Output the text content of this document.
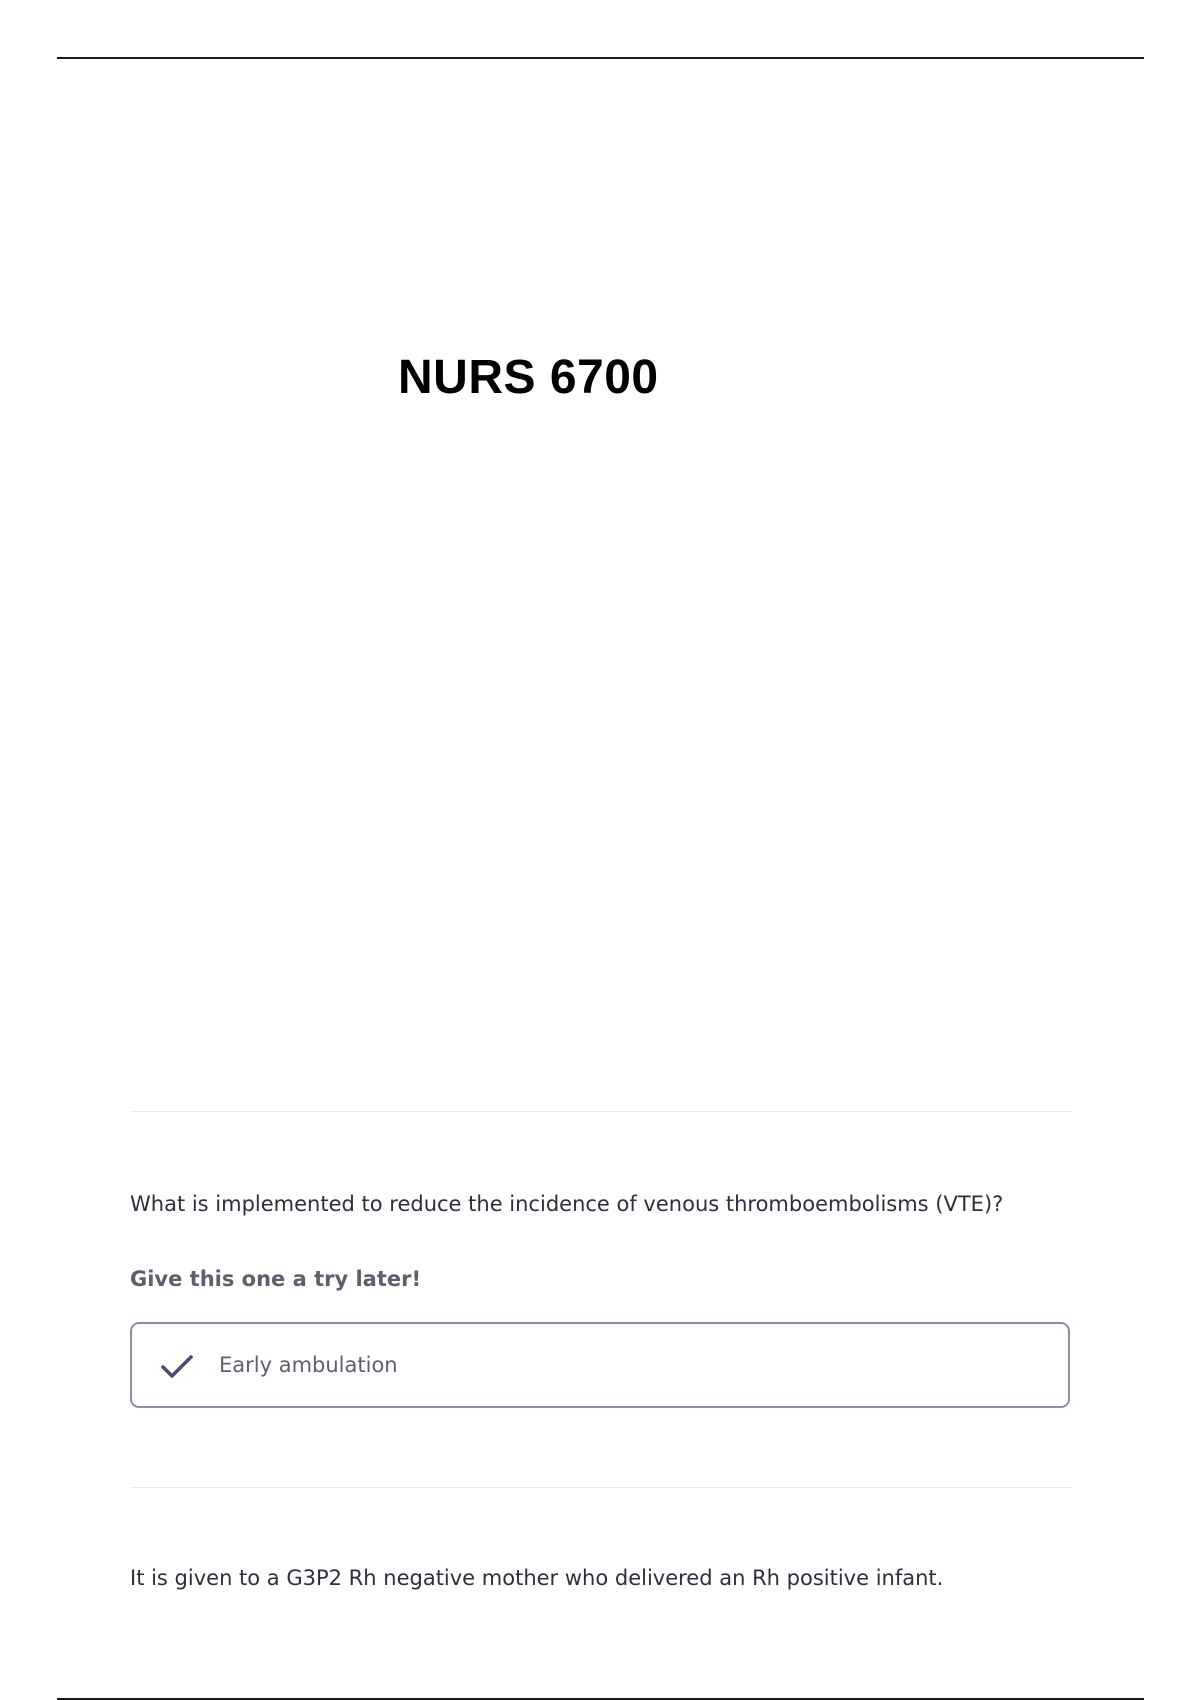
NURS 6700
What is implemented to reduce the incidence of venous thromboembolisms (VTE)?
Give this one a try later!
Early ambulation
It is given to a G3P2 Rh negative mother who delivered an Rh positive infant.
